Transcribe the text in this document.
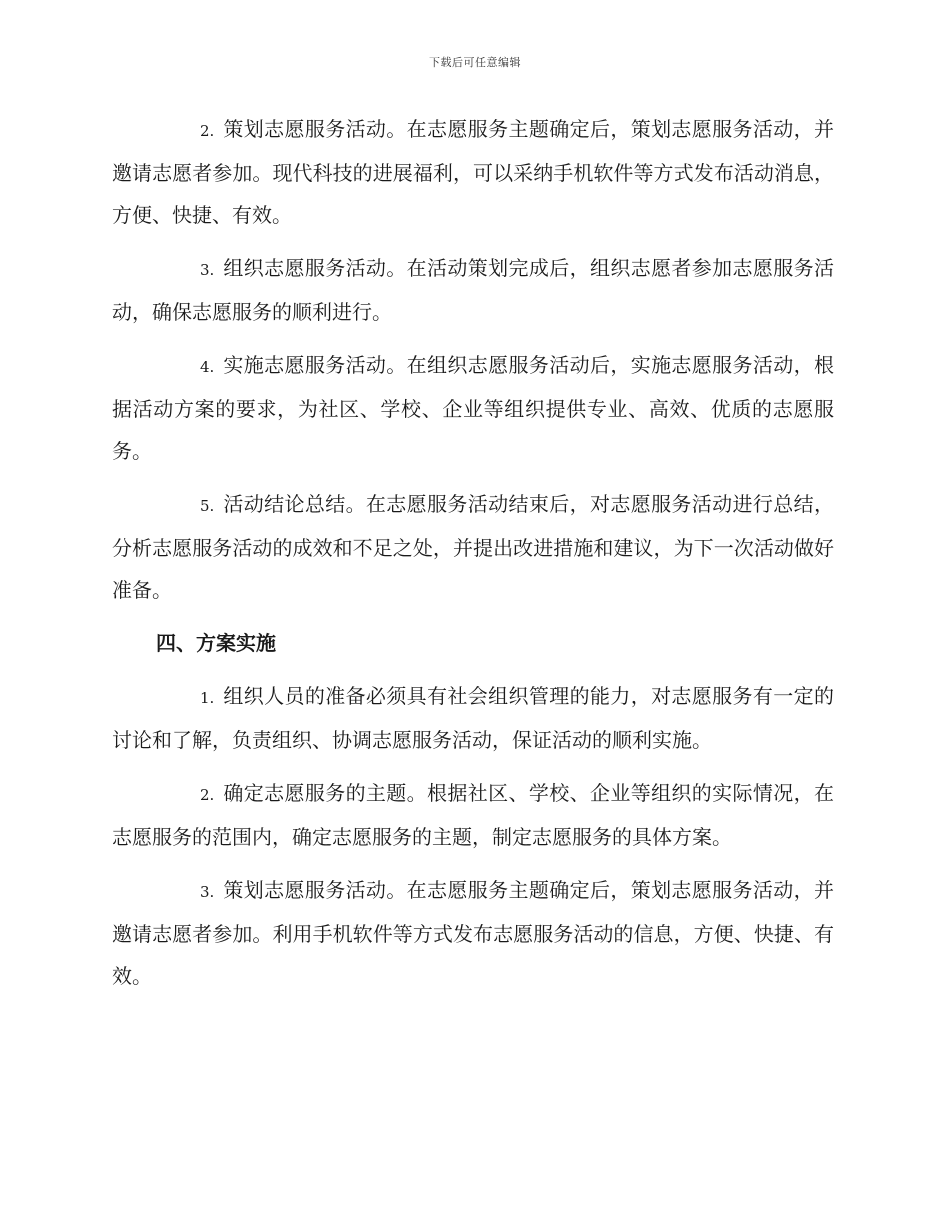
下载后可任意编辑

2. 策划志愿服务活动。在志愿服务主题确定后，策划志愿服务活动，并邀请志愿者参加。现代科技的进展福利，可以采纳手机软件等方式发布活动消息，方便、快捷、有效。

3. 组织志愿服务活动。在活动策划完成后，组织志愿者参加志愿服务活动，确保志愿服务的顺利进行。

4. 实施志愿服务活动。在组织志愿服务活动后，实施志愿服务活动，根据活动方案的要求，为社区、学校、企业等组织提供专业、高效、优质的志愿服务。

5. 活动结论总结。在志愿服务活动结束后，对志愿服务活动进行总结，分析志愿服务活动的成效和不足之处，并提出改进措施和建议，为下一次活动做好准备。

四、方案实施

1. 组织人员的准备必须具有社会组织管理的能力，对志愿服务有一定的讨论和了解，负责组织、协调志愿服务活动，保证活动的顺利实施。

2. 确定志愿服务的主题。根据社区、学校、企业等组织的实际情况，在志愿服务的范围内，确定志愿服务的主题，制定志愿服务的具体方案。

3. 策划志愿服务活动。在志愿服务主题确定后，策划志愿服务活动，并邀请志愿者参加。利用手机软件等方式发布志愿服务活动的信息，方便、快捷、有效。
